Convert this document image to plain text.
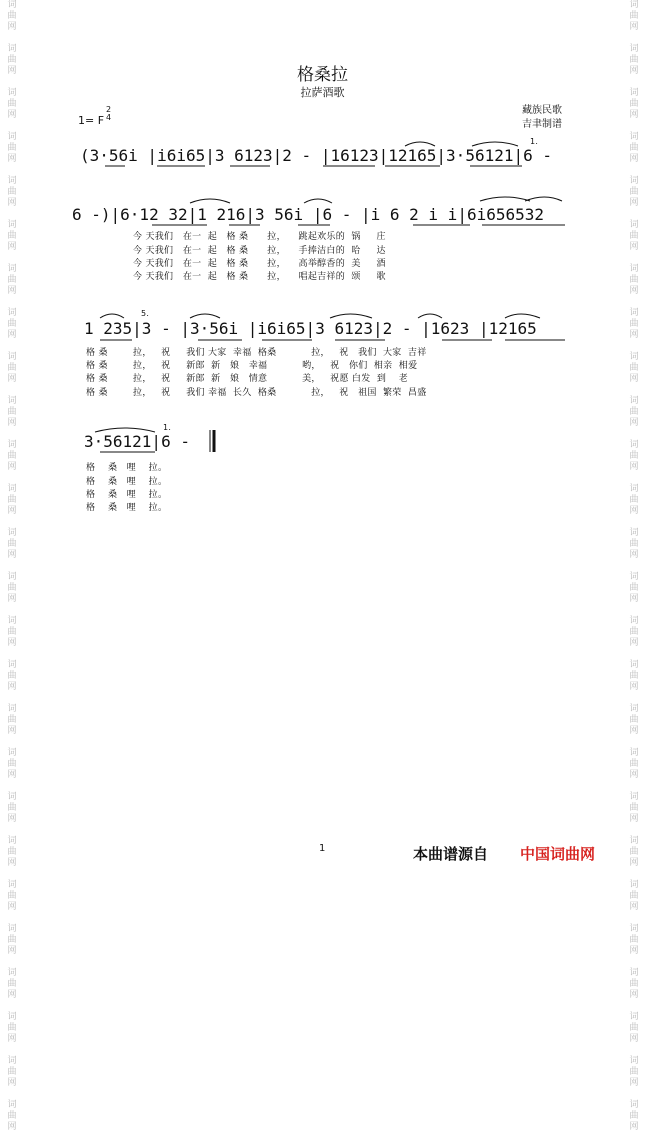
词
曲
网
词
曲
网
词
曲
网
词
曲
网
词
曲
网
词
曲
网
词
曲
网
词
曲
网
词
曲
网
词
曲
网
词
曲
网
词
曲
网
词
曲
网
词
曲
网
词
曲
网
词
曲
网
词
曲
网
词
曲
网
词
曲
网
词
曲
网
词
曲
网
词
曲
网
词
曲
网
词
曲
网
词
曲
网
词
曲
网
词
曲
网
词
曲
网
词
曲
网
词
曲
网
词
曲
网
词
曲
网
词
曲
网
词
曲
网
词
曲
网
词
曲
网
词
曲
网
词
曲
网
词
曲
网
词
曲
网
词
曲
网
词
曲
网
词
曲
网
词
曲
网
词
曲
网
词
曲
网
词
曲
网
词
曲
网
词
曲
网
词
曲
网
词
曲
网
词
曲
网
格桑拉
拉萨酒歌
1= F
2
4
藏族民歌
吉聿制谱
(3·56i |i6i65|3 6123|2 - |16123|12165|3·56121|6 -
1.
6 -)|6·12 32|1 216|3 56i |6 - |i 6 2 i i|6i656532
今 天我们   在一  起   格 桑      拉，    跳起欢乐的  锅     庄
今 天我们   在一  起   格 桑      拉，    手捧洁白的  哈     达
今 天我们   在一  起   格 桑      拉，    高举醇香的  美     酒
今 天我们   在一  起   格 桑      拉，    唱起吉祥的  颂     歌
1 235|3 - |3·56i |i6i65|3 6123|2 - |1623 |12165
5.
格 桑        拉，   祝     我们 大家  幸福  格桑           拉，   祝   我们  大家  吉祥
格 桑        拉，   祝     新郎  新   娘   幸福           哟，   祝   你们  相亲  相爱
格 桑        拉，   祝     新郎  新   娘   情意           美，   祝愿 白发  到    老
格 桑        拉，   祝     我们 幸福  长久  格桑           拉，   祝   祖国  繁荣  昌盛
3·56121|6 -
1.
格    桑   哩    拉。
格    桑   哩    拉。
格    桑   哩    拉。
格    桑   哩    拉。
1	本曲谱源自 中国词曲网
